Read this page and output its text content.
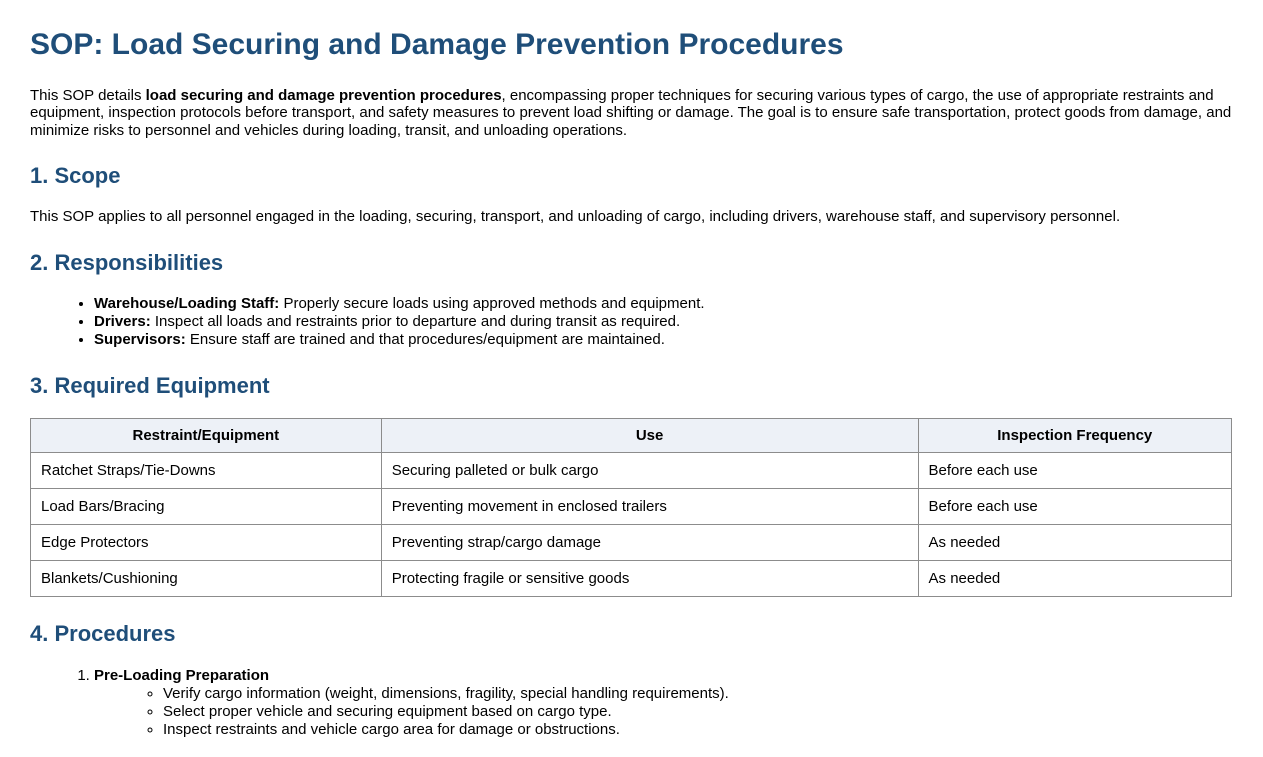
SOP: Load Securing and Damage Prevention Procedures

This SOP details load securing and damage prevention procedures, encompassing proper techniques for securing various types of cargo, the use of appropriate restraints and equipment, inspection protocols before transport, and safety measures to prevent load shifting or damage. The goal is to ensure safe transportation, protect goods from damage, and minimize risks to personnel and vehicles during loading, transit, and unloading operations.

1. Scope

This SOP applies to all personnel engaged in the loading, securing, transport, and unloading of cargo, including drivers, warehouse staff, and supervisory personnel.

2. Responsibilities
• Warehouse/Loading Staff: Properly secure loads using approved methods and equipment.
• Drivers: Inspect all loads and restraints prior to departure and during transit as required.
• Supervisors: Ensure staff are trained and that procedures/equipment are maintained.
3. Required Equipment
Restraint/Equipment	Use	Inspection Frequency
Ratchet Straps/Tie-Downs	Securing palleted or bulk cargo	Before each use
Load Bars/Bracing	Preventing movement in enclosed trailers	Before each use
Edge Protectors	Preventing strap/cargo damage	As needed
Blankets/Cushioning	Protecting fragile or sensitive goods	As needed
4. Procedures
1. Pre-Loading Preparation
◦ Verify cargo information (weight, dimensions, fragility, special handling requirements).
◦ Select proper vehicle and securing equipment based on cargo type.
◦ Inspect restraints and vehicle cargo area for damage or obstructions.
